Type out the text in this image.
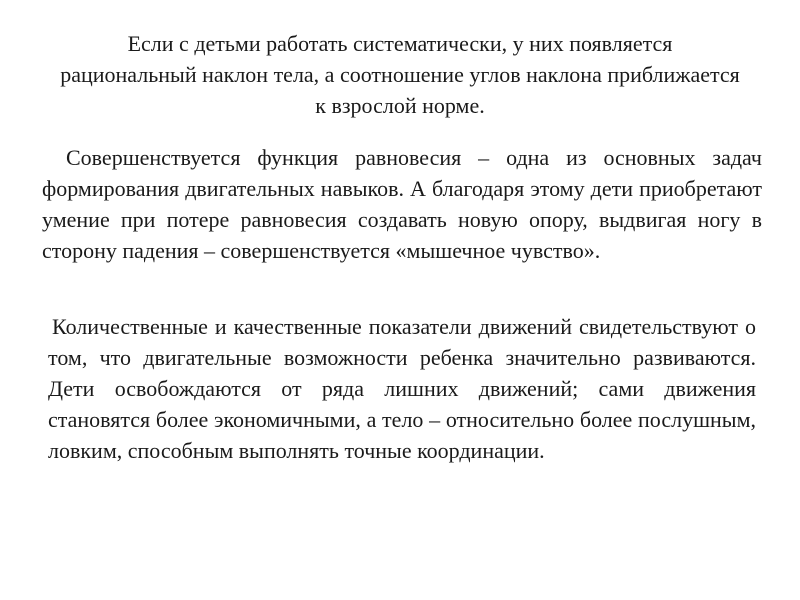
Если с детьми работать систематически, у них появляется рациональный наклон тела, а соотношение углов наклона приближается к взрослой норме.

Совершенствуется функция равновесия – одна из основных задач формирования двигательных навыков. А благодаря этому дети приобретают умение при потере равновесия создавать новую опору, выдвигая ногу в сторону падения – совершенствуется «мышечное чувство».

Количественные и качественные показатели движений свидетельствуют о том, что двигательные возможности ребенка значительно развиваются. Дети освобождаются от ряда лишних движений; сами движения становятся более экономичными, а тело – относительно более послушным, ловким, способным выполнять точные координации.
